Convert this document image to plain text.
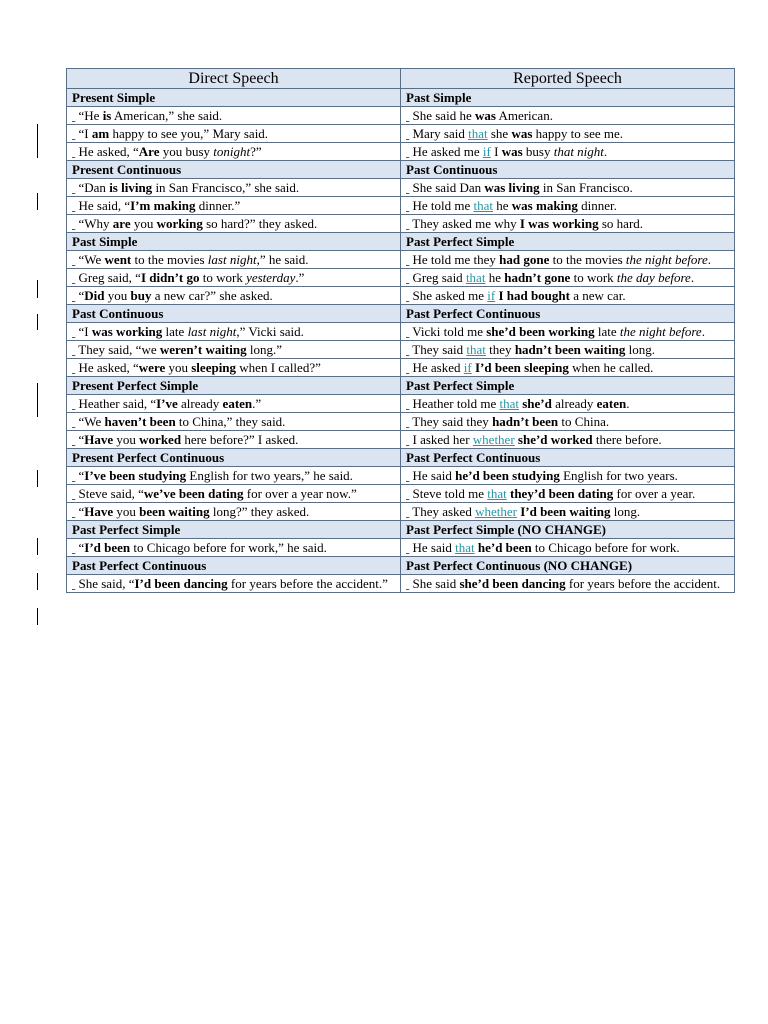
Direct Speech	Reported Speech
Present Simple	Past Simple
“He is American,” she said.	She said he was American.
“I am happy to see you,” Mary said.	Mary said that she was happy to see me.
He asked, “Are you busy tonight?”	He asked me if I was busy that night.
Present Continuous	Past Continuous
“Dan is living in San Francisco,” she said.	She said Dan was living in San Francisco.
He said, “I’m making dinner.”	He told me that he was making dinner.
“Why are you working so hard?” they asked.	They asked me why I was working so hard.
Past Simple	Past Perfect Simple
“We went to the movies last night,” he said.	He told me they had gone to the movies the night before.
Greg said, “I didn’t go to work yesterday.”	Greg said that he hadn’t gone to work the day before.
“Did you buy a new car?” she asked.	She asked me if I had bought a new car.
Past Continuous	Past Perfect Continuous
“I was working late last night,” Vicki said.	Vicki told me she’d been working late the night before.
They said, “we weren’t waiting long.”	They said that they hadn’t been waiting long.
He asked, “were you sleeping when I called?”	He asked if I’d been sleeping when he called.
Present Perfect Simple	Past Perfect Simple
Heather said, “I’ve already eaten.”	Heather told me that she’d already eaten.
“We haven’t been to China,” they said.	They said they hadn’t been to China.
“Have you worked here before?” I asked.	I asked her whether she’d worked there before.
Present Perfect Continuous	Past Perfect Continuous
“I’ve been studying English for two years,” he said.	He said he’d been studying English for two years.
Steve said, “we’ve been dating for over a year now.”	Steve told me that they’d been dating for over a year.
“Have you been waiting long?” they asked.	They asked whether I’d been waiting long.
Past Perfect Simple	Past Perfect Simple (NO CHANGE)
“I’d been to Chicago before for work,” he said.	He said that he’d been to Chicago before for work.
Past Perfect Continuous	Past Perfect Continuous (NO CHANGE)
She said, “I’d been dancing for years before the accident.”	She said she’d been dancing for years before the accident.
